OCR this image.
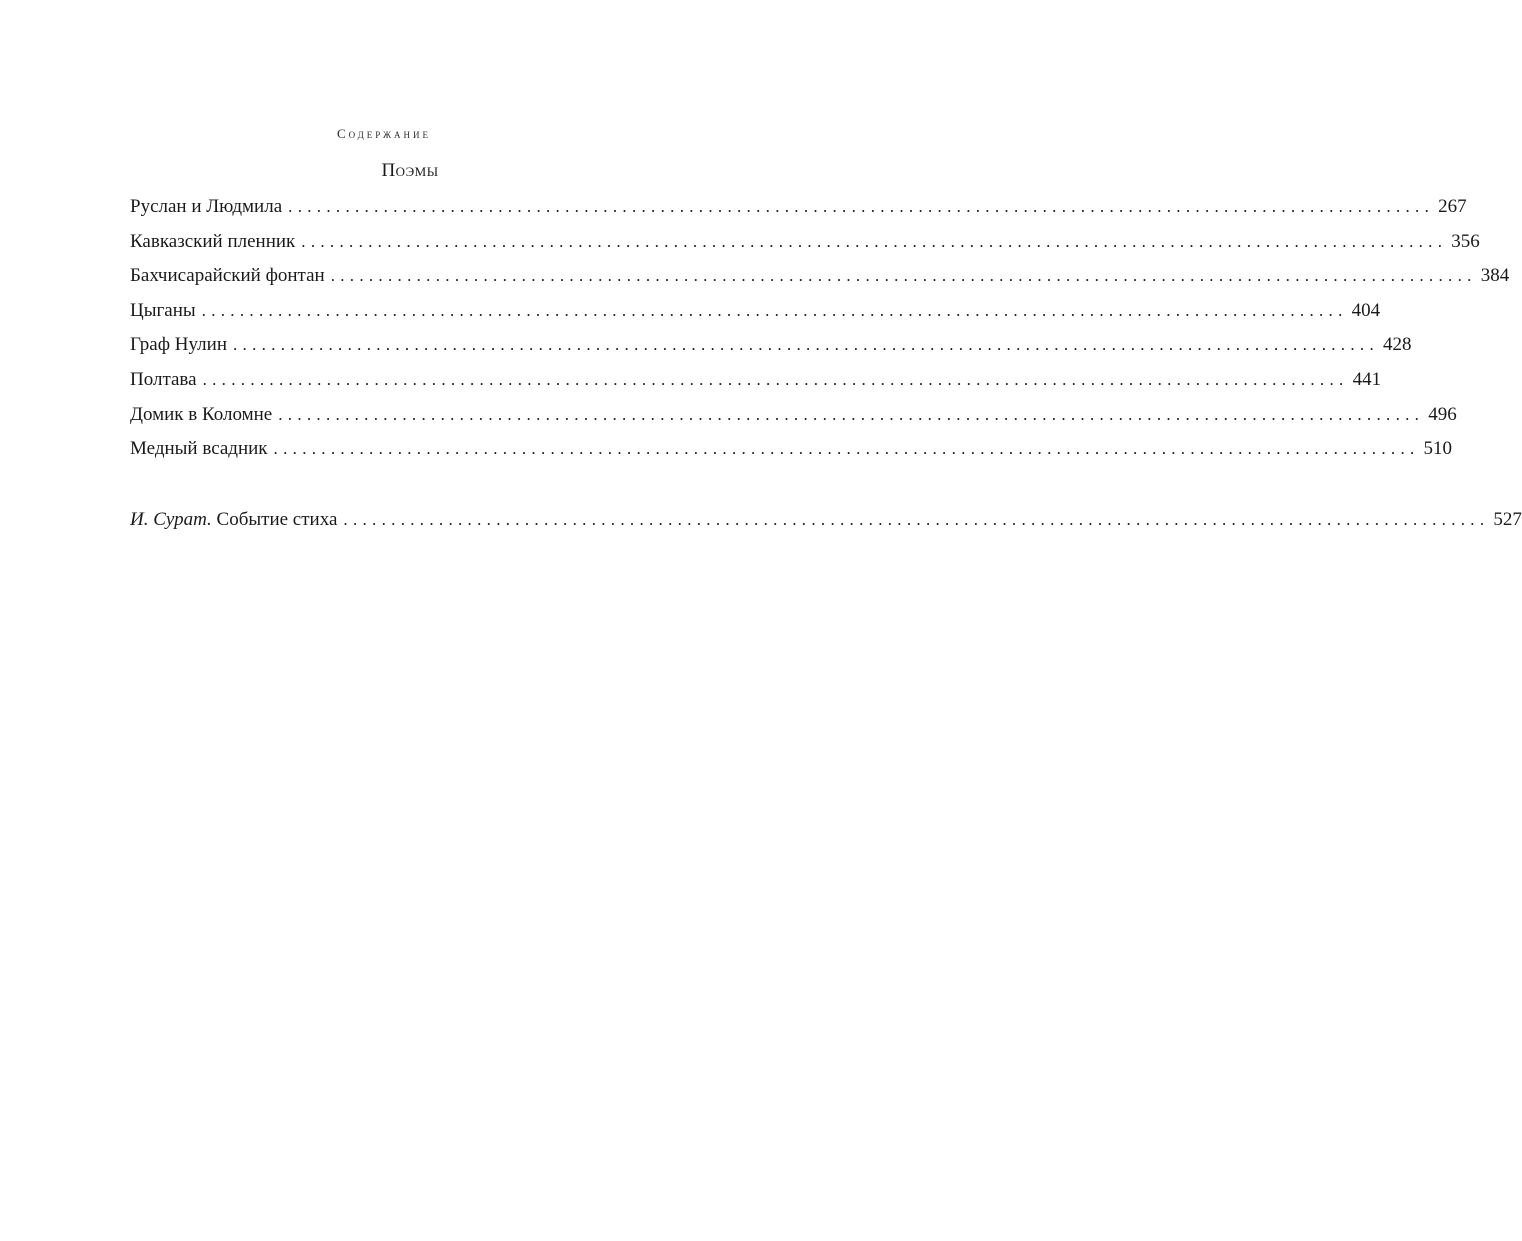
Содержание
Поэмы
Руслан и Людмила ........................................................................................................................ 267
Кавказский пленник ........................................................................................................................ 356
Бахчисарайский фонтан ........................................................................................................................ 384
Цыганы ........................................................................................................................ 404
Граф Нулин ........................................................................................................................ 428
Полтава ........................................................................................................................ 441
Домик в Коломне ........................................................................................................................ 496
Медный всадник ........................................................................................................................ 510
И. Сурат. Событие стиха ........................................................................................................................ 527
